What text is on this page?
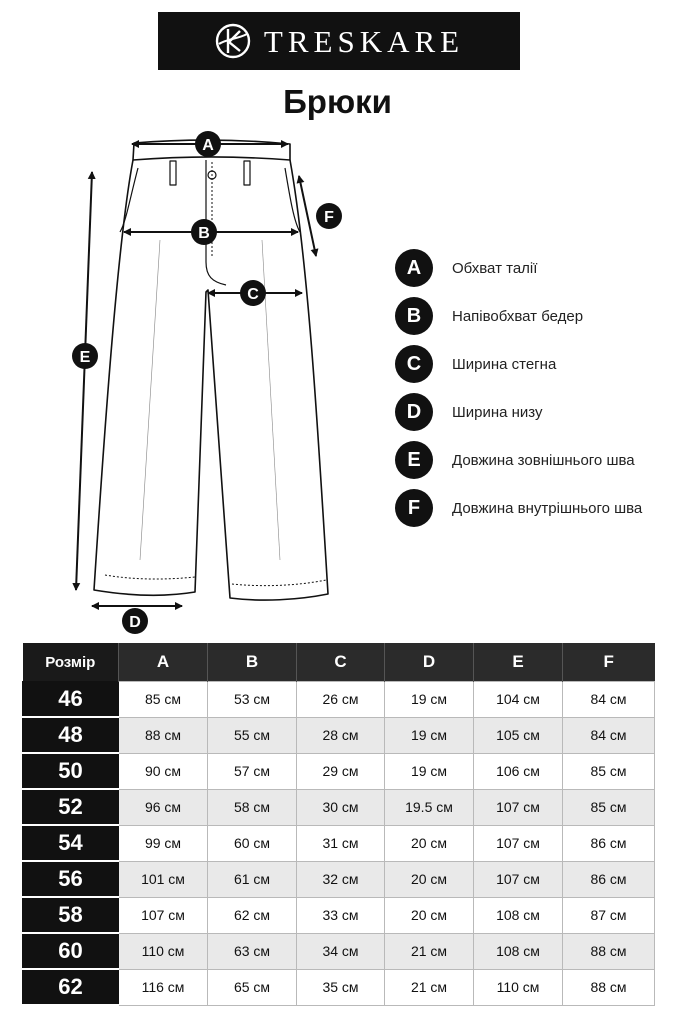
TRESKARE
Брюки
A
B
C
D
E
F
A	Обхват талії
B	Напівобхват бедер
C	Ширина стегна
D	Ширина низу
E	Довжина зовнішнього шва
F	Довжина внутрішнього шва
Розмір	A	B	C	D	E	F
46	85 см	53 см	26 см	19 см	104 см	84 см
48	88 см	55 см	28 см	19 см	105 см	84 см
50	90 см	57 см	29 см	19 см	106 см	85 см
52	96 см	58 см	30 см	19.5 см	107 см	85 см
54	99 см	60 см	31 см	20 см	107 см	86 см
56	101 см	61 см	32 см	20 см	107 см	86 см
58	107 см	62 см	33 см	20 см	108 см	87 см
60	110 см	63 см	34 см	21 см	108 см	88 см
62	116 см	65 см	35 см	21 см	110 см	88 см
